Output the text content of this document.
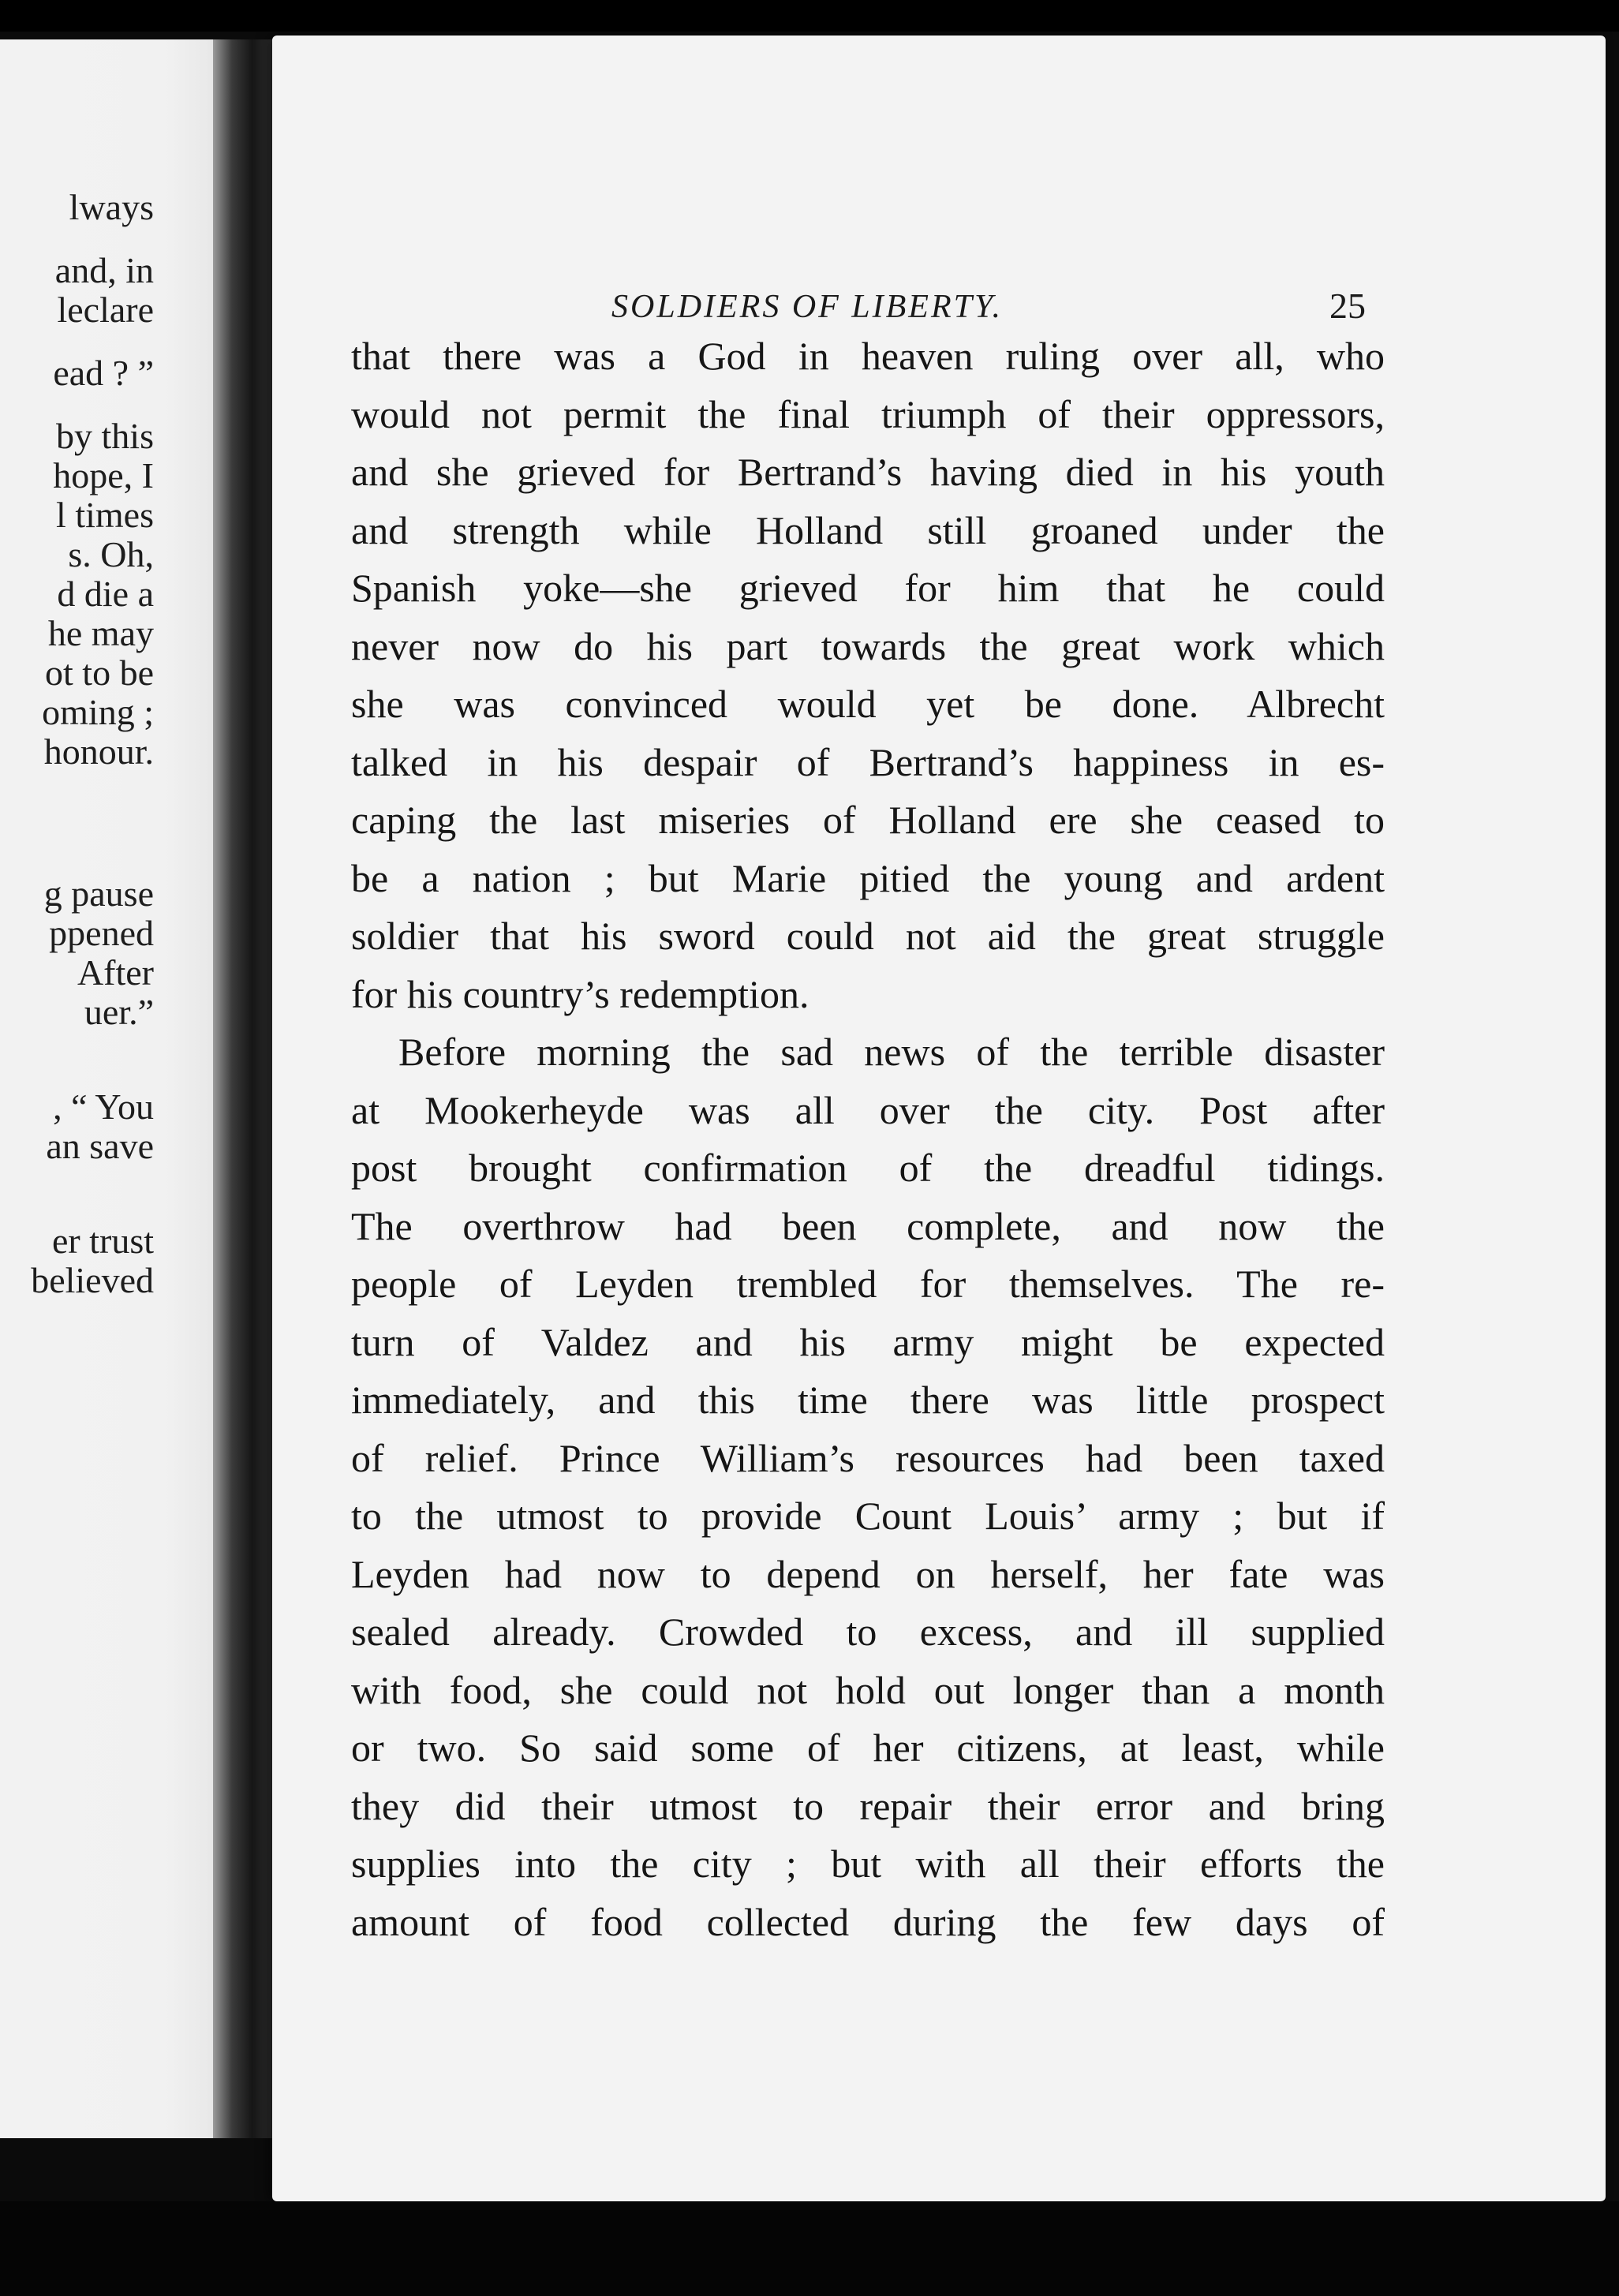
lways
and, in
leclare
ead ? ”
by this
hope, I
l times
s. Oh,
d die a
he may
ot to be
oming ;
honour.
g pause
ppened
After
uer.”
, “ You
an save
er trust
believed
SOLDIERS OF LIBERTY.	25

that there was a God in heaven ruling over all, who
would not permit the final triumph of their oppressors,
and she grieved for Bertrand’s having died in his youth
and strength while Holland still groaned under the
Spanish yoke—she grieved for him that he could
never now do his part towards the great work which
she was convinced would yet be done. Albrecht
talked in his despair of Bertrand’s happiness in es-
caping the last miseries of Holland ere she ceased to
be a nation ; but Marie pitied the young and ardent
soldier that his sword could not aid the great struggle
for his country’s redemption.

Before morning the sad news of the terrible disaster
at Mookerheyde was all over the city. Post after
post brought confirmation of the dreadful tidings.
The overthrow had been complete, and now the
people of Leyden trembled for themselves. The re-
turn of Valdez and his army might be expected
immediately, and this time there was little prospect
of relief. Prince William’s resources had been taxed
to the utmost to provide Count Louis’ army ; but if
Leyden had now to depend on herself, her fate was
sealed already. Crowded to excess, and ill supplied
with food, she could not hold out longer than a month
or two. So said some of her citizens, at least, while
they did their utmost to repair their error and bring
supplies into the city ; but with all their efforts the
amount of food collected during the few days of
